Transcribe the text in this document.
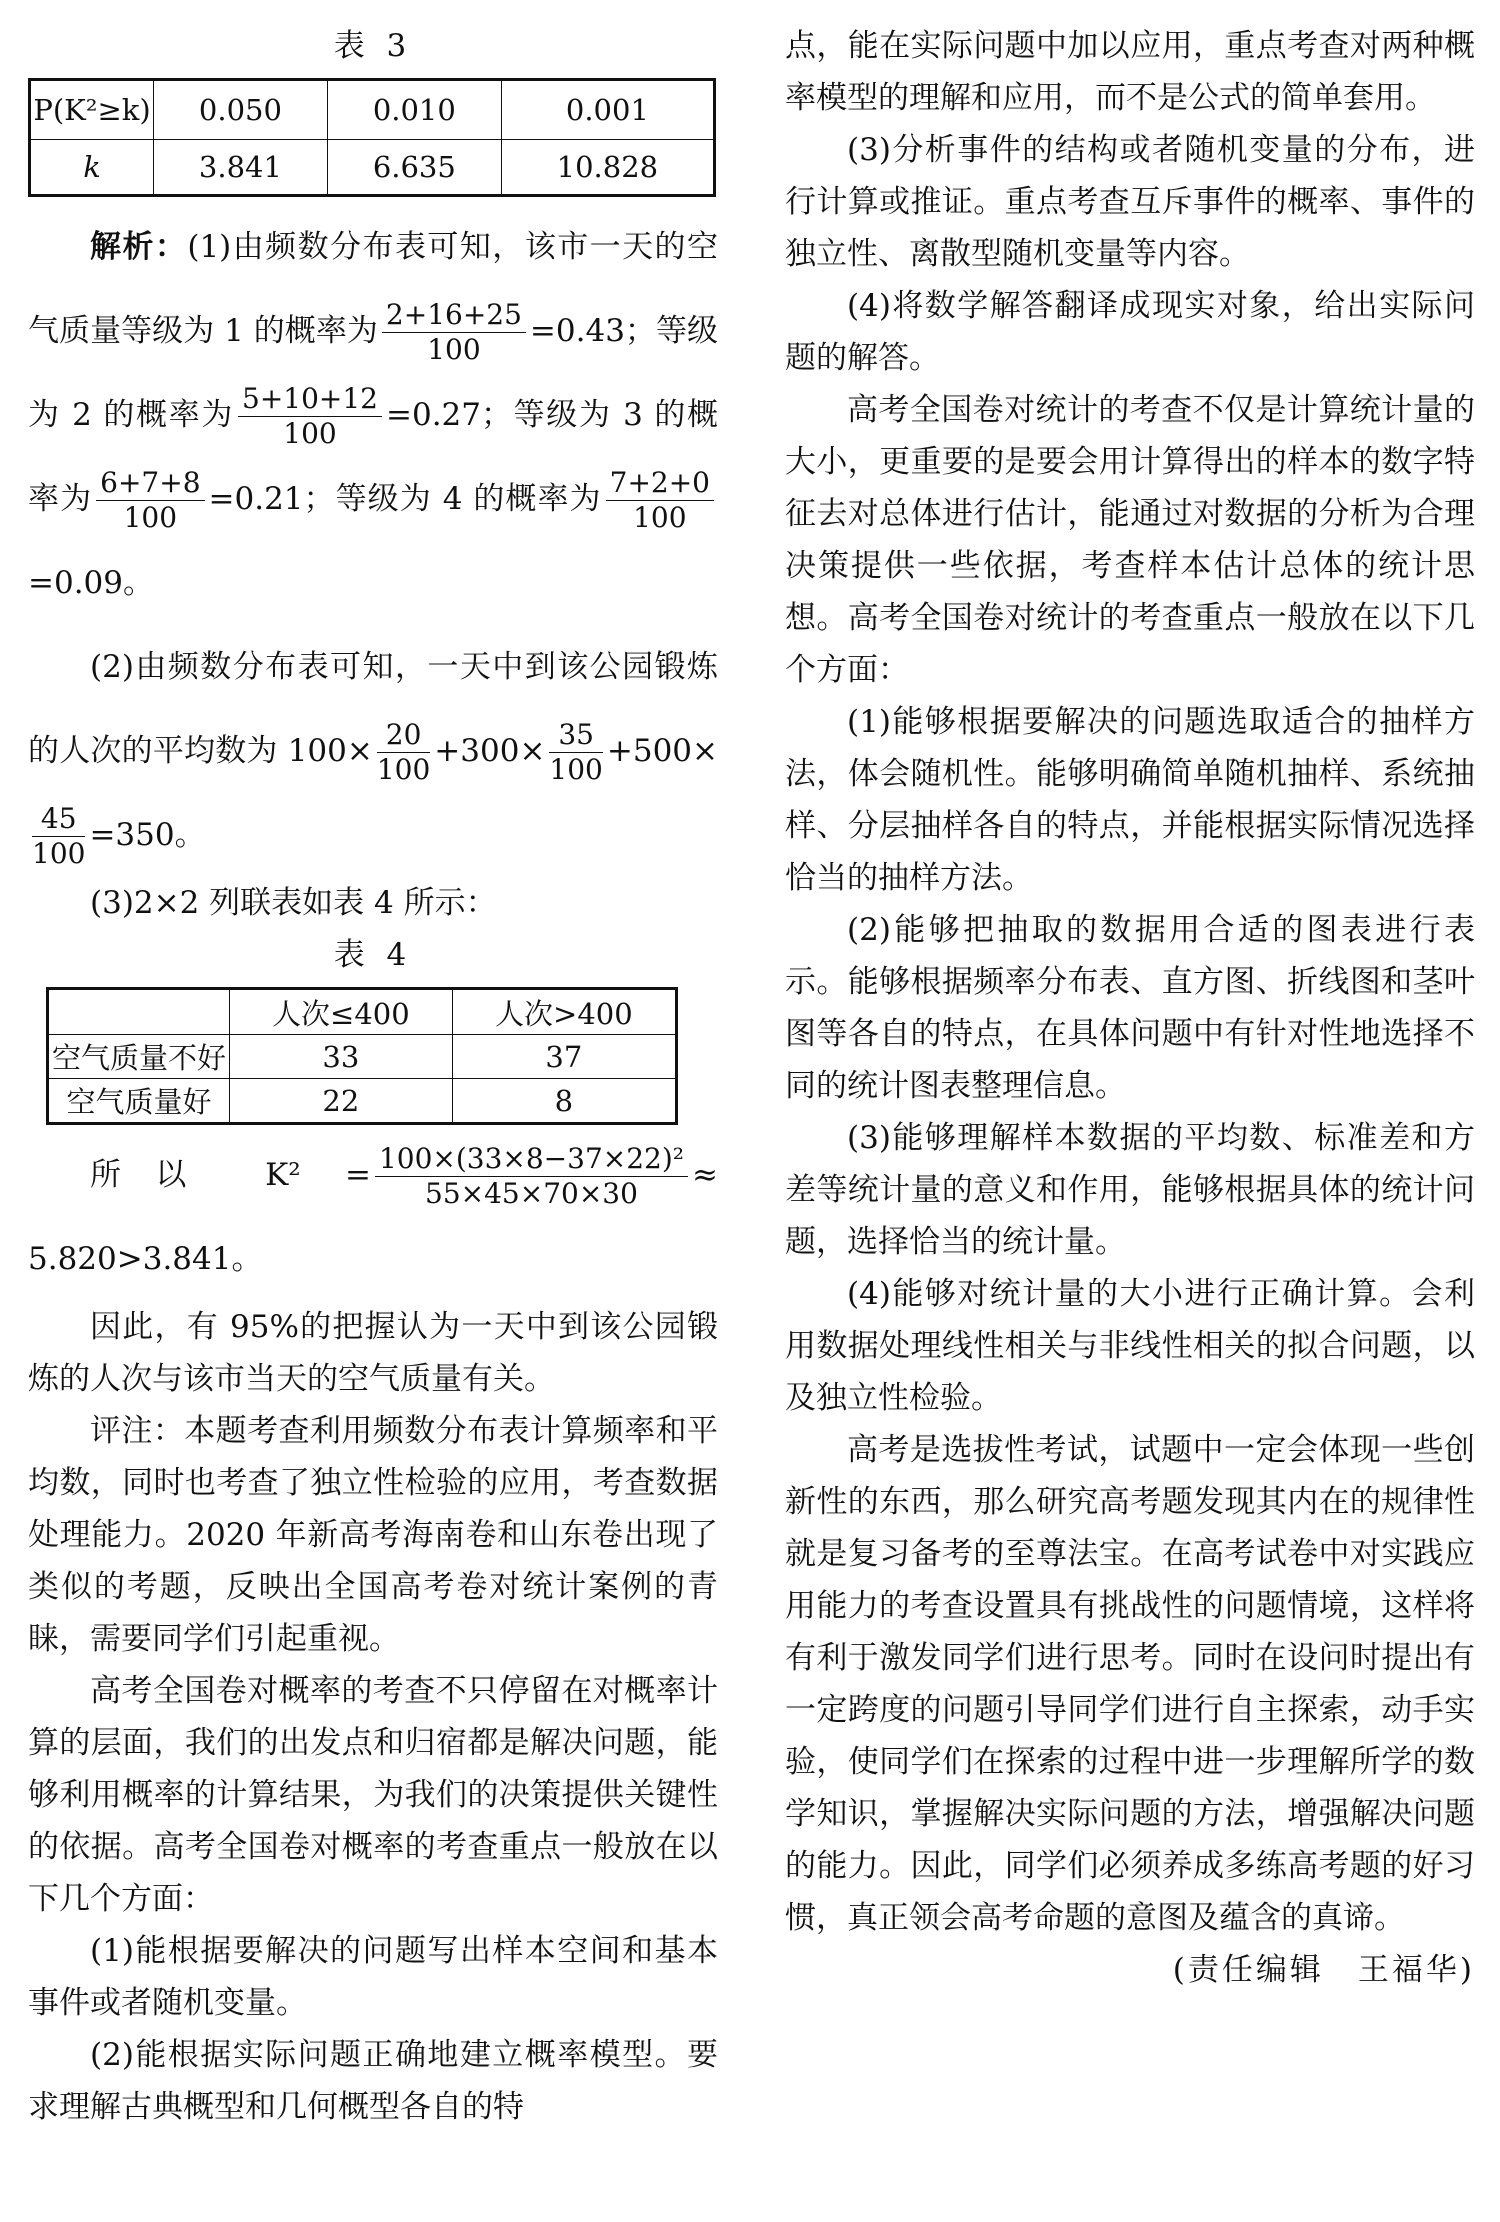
表 3
P(K²≥k)	0.050	0.010	0.001
k	3.841	6.635	10.828

解析：(1)由频数分布表可知，该市一天的空气质量等级为 1 的概率为 $\frac{2+16+25}{100} =0.43$；等级为 2 的概率为 $\frac{5+10+12}{100} =0.27$；等级为 3 的概率为 $\frac{6+7+8}{100} =0.21$；等级为 4 的概率为 $\frac{7+2+0}{100}$
=0.09。

(2)由频数分布表可知，一天中到该公园锻炼的人次的平均数为 $100\times \frac{20}{100} +300\times \frac{35}{100} +500\times$
$\frac{45}{100} =350$。

(3)2×2 列联表如表 4 所示：

表 4
	人次≤400	人次>400
空气质量不好	33	37
空气质量好	22	8

所以 $K^2 = \frac{\text{100×(33×8−37×22)²}}{55\times 45\times 70\times 30} \approx 5.820>3.841$。

因此，有 95%的把握认为一天中到该公园锻炼的人次与该市当天的空气质量有关。

评注：本题考查利用频数分布表计算频率和平均数，同时也考查了独立性检验的应用，考查数据处理能力。2020 年新高考海南卷和山东卷出现了类似的考题，反映出全国高考卷对统计案例的青睐，需要同学们引起重视。

高考全国卷对概率的考查不只停留在对概率计算的层面，我们的出发点和归宿都是解决问题，能够利用概率的计算结果，为我们的决策提供关键性的依据。高考全国卷对概率的考查重点一般放在以下几个方面：

(1)能根据要解决的问题写出样本空间和基本事件或者随机变量。

(2)能根据实际问题正确地建立概率模型。要求理解古典概型和几何概型各自的特

点，能在实际问题中加以应用，重点考查对两种概率模型的理解和应用，而不是公式的简单套用。

(3)分析事件的结构或者随机变量的分布，进行计算或推证。重点考查互斥事件的概率、事件的独立性、离散型随机变量等内容。

(4)将数学解答翻译成现实对象，给出实际问题的解答。

高考全国卷对统计的考查不仅是计算统计量的大小，更重要的是要会用计算得出的样本的数字特征去对总体进行估计，能通过对数据的分析为合理决策提供一些依据，考查样本估计总体的统计思想。高考全国卷对统计的考查重点一般放在以下几个方面：

(1)能够根据要解决的问题选取适合的抽样方法，体会随机性。能够明确简单随机抽样、系统抽样、分层抽样各自的特点，并能根据实际情况选择恰当的抽样方法。

(2)能够把抽取的数据用合适的图表进行表示。能够根据频率分布表、直方图、折线图和茎叶图等各自的特点，在具体问题中有针对性地选择不同的统计图表整理信息。

(3)能够理解样本数据的平均数、标准差和方差等统计量的意义和作用，能够根据具体的统计问题，选择恰当的统计量。

(4)能够对统计量的大小进行正确计算。会利用数据处理线性相关与非线性相关的拟合问题，以及独立性检验。

高考是选拔性考试，试题中一定会体现一些创新性的东西，那么研究高考题发现其内在的规律性就是复习备考的至尊法宝。在高考试卷中对实践应用能力的考查设置具有挑战性的问题情境，这样将有利于激发同学们进行思考。同时在设问时提出有一定跨度的问题引导同学们进行自主探索，动手实验，使同学们在探索的过程中进一步理解所学的数学知识，掌握解决实际问题的方法，增强解决问题的能力。因此，同学们必须养成多练高考题的好习惯，真正领会高考命题的意图及蕴含的真谛。

(责任编辑　王福华)
